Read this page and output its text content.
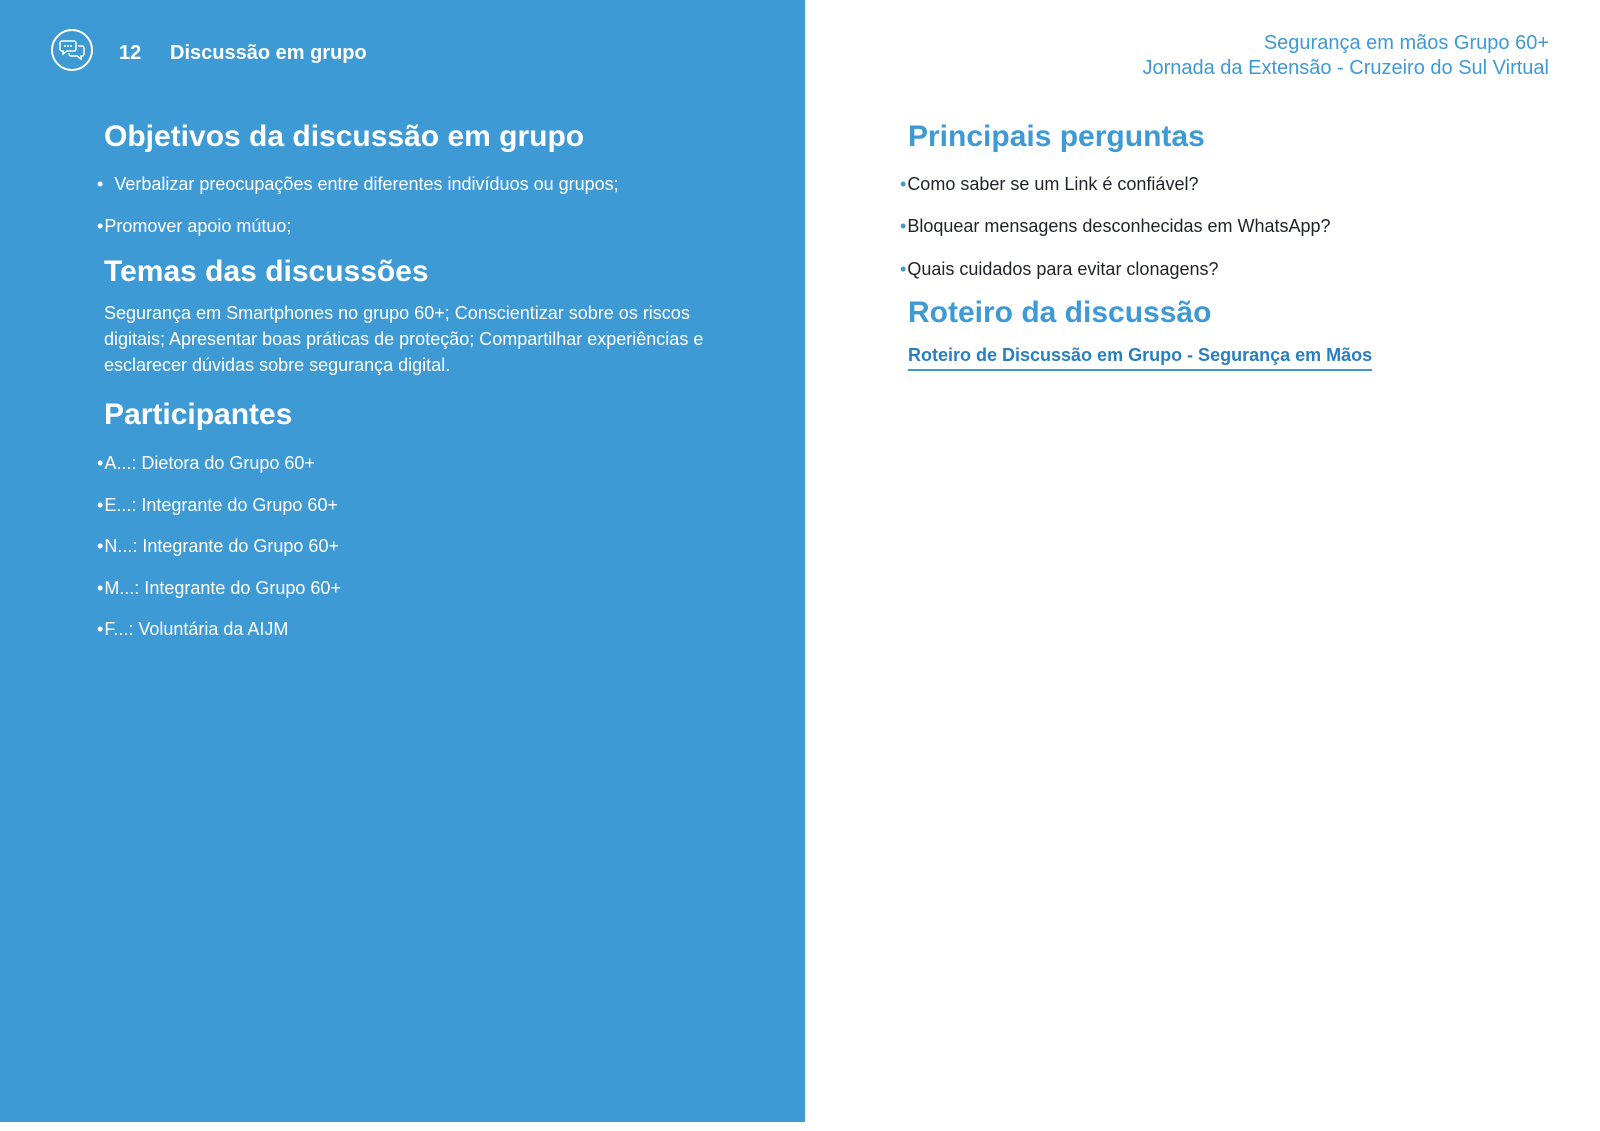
12 Discussão em grupo
Objetivos da discussão em grupo
• Verbalizar preocupações entre diferentes indivíduos ou grupos;
•Promover apoio mútuo;
Temas das discussões
Segurança em Smartphones no grupo 60+; Conscientizar sobre os riscos digitais; Apresentar boas práticas de proteção; Compartilhar experiências e esclarecer dúvidas sobre segurança digital.
Participantes
•A...: Dietora do Grupo 60+
•E...: Integrante do Grupo 60+
•N...: Integrante do Grupo 60+
•M...: Integrante do Grupo 60+
•F...: Voluntária da AIJM
Segurança em mãos Grupo 60+
Jornada da Extensão - Cruzeiro do Sul Virtual
Principais perguntas
•Como saber se um Link é confiável?
•Bloquear mensagens desconhecidas em WhatsApp?
•Quais cuidados para evitar clonagens?
Roteiro da discussão
Roteiro de Discussão em Grupo - Segurança em Mãos
